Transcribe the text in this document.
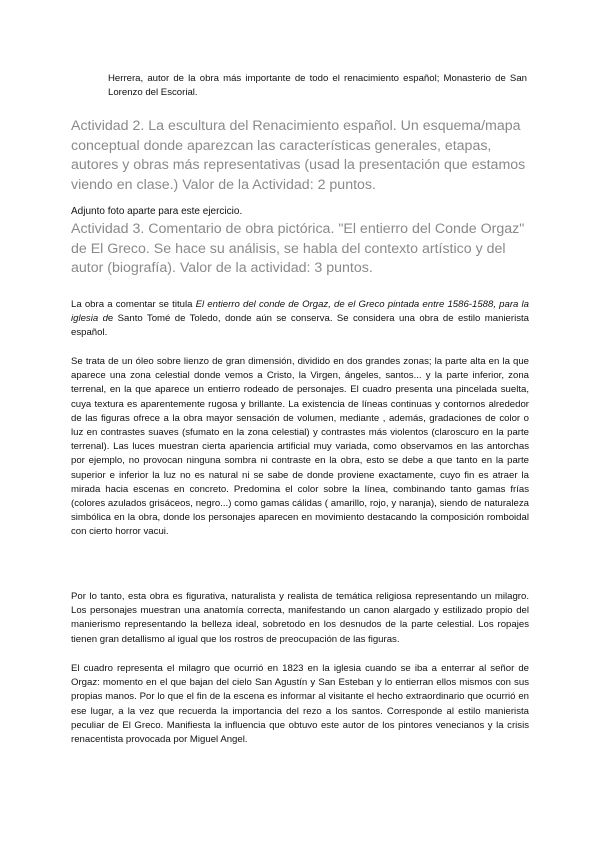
Herrera, autor de la obra más importante de todo el renacimiento español; Monasterio de San Lorenzo del Escorial.

Actividad 2. La escultura del Renacimiento español. Un esquema/mapa conceptual donde aparezcan las características generales, etapas, autores y obras más representativas (usad la presentación que estamos viendo en clase.) Valor de la Actividad: 2 puntos.

Adjunto foto aparte para este ejercicio.

Actividad 3. Comentario de obra pictórica. "El entierro del Conde Orgaz" de El Greco. Se hace su análisis, se habla del contexto artístico y del autor (biografía). Valor de la actividad: 3 puntos.

La obra a comentar se titula El entierro del conde de Orgaz, de el Greco pintada entre 1586-1588, para la iglesia de Santo Tomé de Toledo, donde aún se conserva. Se considera una obra de estilo manierista español.

Se trata de un óleo sobre lienzo de gran dimensión, dividido en dos grandes zonas; la parte alta en la que aparece una zona celestial donde vemos a Cristo, la Virgen, ángeles, santos... y la parte inferior, zona terrenal, en la que aparece un entierro rodeado de personajes. El cuadro presenta una pincelada suelta, cuya textura es aparentemente rugosa y brillante. La existencia de líneas continuas y contornos alrededor de las figuras ofrece a la obra mayor sensación de volumen, mediante , además, gradaciones de color o luz en contrastes suaves (sfumato en la zona celestial) y contrastes más violentos (claroscuro en la parte terrenal). Las luces muestran cierta apariencia artificial muy variada, como observamos en las antorchas por ejemplo, no provocan ninguna sombra ni contraste en la obra, esto se debe a que tanto en la parte superior e inferior la luz no es natural ni se sabe de donde proviene exactamente, cuyo fin es atraer la mirada hacia escenas en concreto. Predomina el color sobre la línea, combinando tanto gamas frías (colores azulados grisáceos, negro...) como gamas cálidas ( amarillo, rojo, y naranja), siendo de naturaleza simbólica en la obra, donde los personajes aparecen en movimiento destacando la composición romboidal con cierto horror vacui.

Por lo tanto, esta obra es figurativa, naturalista y realista de temática religiosa representando un milagro. Los personajes muestran una anatomía correcta, manifestando un canon alargado y estilizado propio del manierismo representando la belleza ideal, sobretodo en los desnudos de la parte celestial. Los ropajes tienen gran detallismo al igual que los rostros de preocupación de las figuras.

El cuadro representa el milagro que ocurrió en 1823 en la iglesia cuando se iba a enterrar al señor de Orgaz: momento en el que bajan del cielo San Agustín y San Esteban y lo entierran ellos mismos con sus propias manos. Por lo que el fin de la escena es informar al visitante el hecho extraordinario que ocurrió en ese lugar, a la vez que recuerda la importancia del rezo a los santos. Corresponde al estilo manierista peculiar de El Greco. Manifiesta la influencia que obtuvo este autor de los pintores venecianos y la crisis renacentista provocada por Miguel Angel.
